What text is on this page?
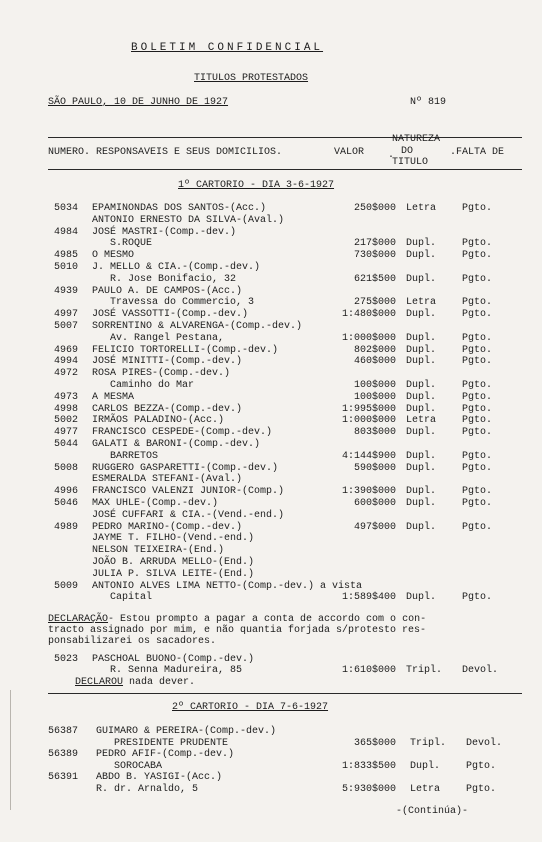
BOLETIM CONFIDENCIAL
TITULOS PROTESTADOS
SÃO PAULO, 10 DE JUNHO DE 1927	Nº 819
NATUREZA
NUMERO. RESPONSAVEIS E SEUS DOMICILIOS.	VALOR . DO	.FALTA DE
TITULO
1º CARTORIO - DIA 3-6-1927
5034 EPAMINONDAS DOS SANTOS-(Acc.)	250$000 Letra	Pgto.
ANTONIO ERNESTO DA SILVA-(Aval.)
4984 JOSÉ MASTRI-(Comp.-dev.)
S.ROQUE	217$000 Dupl.	Pgto.
4985 O MESMO	730$000 Dupl.	Pgto.
5010 J. MELLO & CIA.-(Comp.-dev.)
R. Jose Bonifacio, 32	621$500 Dupl.	Pgto.
4939 PAULO A. DE CAMPOS-(Acc.)
Travessa do Commercio, 3	275$000 Letra	Pgto.
4997 JOSÉ VASSOTTI-(Comp.-dev.)	1:480$000 Dupl.	Pgto.
5007 SORRENTINO & ALVARENGA-(Comp.-dev.)
Av. Rangel Pestana,	1:000$000 Dupl.	Pgto.
4969 FELICIO TORTORELLI-(Comp.-dev.)	802$000 Dupl.	Pgto.
4994 JOSÉ MINITTI-(Comp.-dev.)	460$000 Dupl.	Pgto.
4972 ROSA PIRES-(Comp.-dev.)
Caminho do Mar	100$000 Dupl.	Pgto.
4973 A MESMA	100$000 Dupl.	Pgto.
4998 CARLOS BEZZA-(Comp.-dev.)	1:995$000 Dupl.	Pgto.
5002 IRMÃOS PALADINO-(Acc.)	1:000$000 Letra	Pgto.
4977 FRANCISCO CESPEDE-(Comp.-dev.)	803$000 Dupl.	Pgto.
5044 GALATI & BARONI-(Comp.-dev.)
BARRETOS	4:144$900 Dupl.	Pgto.
5008 RUGGERO GASPARETTI-(Comp.-dev.)	590$000 Dupl.	Pgto.
ESMERALDA STEFANI-(Aval.)
4996 FRANCISCO VALENZI JUNIOR-(Comp.)	1:390$000 Dupl.	Pgto.
5046 MAX UHLE-(Comp.-dev.)	600$000 Dupl.	Pgto.
JOSÉ CUFFARI & CIA.-(Vend.-end.)
4989 PEDRO MARINO-(Comp.-dev.)	497$000 Dupl.	Pgto.
JAYME T. FILHO-(Vend.-end.)
NELSON TEIXEIRA-(End.)
JOÃO B. ARRUDA MELLO-(End.)
JULIA P. SILVA LEITE-(End.)
5009 ANTONIO ALVES LIMA NETTO-(Comp.-dev.) a vista
Capital	1:589$400 Dupl.	Pgto.
DECLARAÇÃO- Estou prompto a pagar a conta de accordo com o con-
tracto assignado por mim, e não quantia forjada s/protesto res-
ponsabilizarei os sacadores.
5023 PASCHOAL BUONO-(Comp.-dev.)
R. Senna Madureira, 85	1:610$000 Tripl. Devol.
DECLAROU nada dever.
2º CARTORIO - DIA 7-6-1927
56387 GUIMARO & PEREIRA-(Comp.-dev.)
PRESIDENTE PRUDENTE	365$000 Tripl. Devol.
56389 PEDRO AFIF-(Comp.-dev.)
SOROCABA	1:833$500 Dupl.	Pgto.
56391 ABDO B. YASIGI-(Acc.)
R. dr. Arnaldo, 5	5:930$000 Letra	Pgto.
-(Continúa)-
